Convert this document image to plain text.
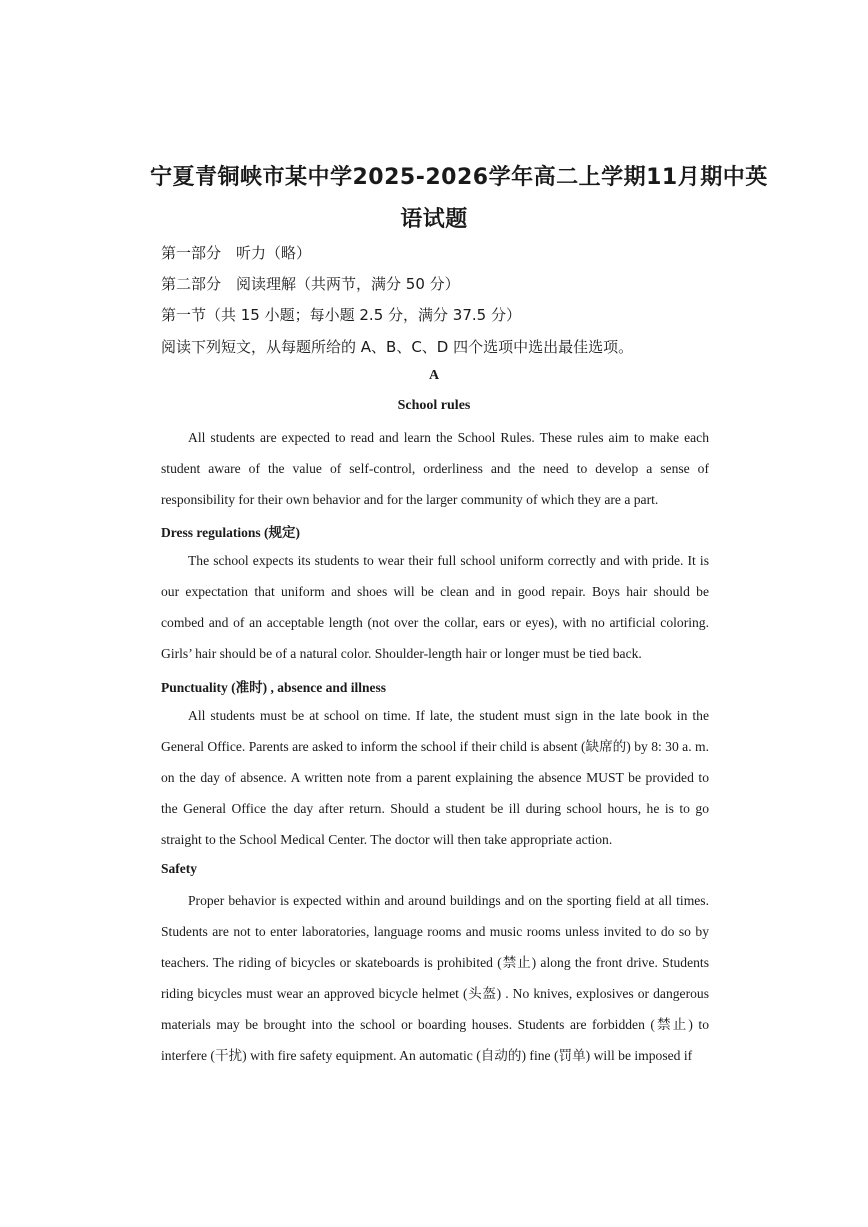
宁夏青铜峡市某中学2025-2026学年高二上学期11月期中英
语试题
第一部分　听力（略）
第二部分　阅读理解（共两节，满分 50 分）
第一节（共 15 小题；每小题 2.5 分，满分 37.5 分）
阅读下列短文，从每题所给的 A、B、C、D 四个选项中选出最佳选项。
A
School rules

All students are expected to read and learn the School Rules. These rules aim to make each student aware of the value of self-control, orderliness and the need to develop a sense of responsibility for their own behavior and for the larger community of which they are a part.

Dress regulations (规定)

The school expects its students to wear their full school uniform correctly and with pride. It is our expectation that uniform and shoes will be clean and in good repair. Boys hair should be combed and of an acceptable length (not over the collar, ears or eyes), with no artificial coloring. Girls’ hair should be of a natural color. Shoulder-length hair or longer must be tied back.

Punctuality (准时) , absence and illness

All students must be at school on time. If late, the student must sign in the late book in the General Office. Parents are asked to inform the school if their child is absent (缺席的) by 8: 30 a. m. on the day of absence. A written note from a parent explaining the absence MUST be provided to the General Office the day after return. Should a student be ill during school hours, he is to go straight to the School Medical Center. The doctor will then take appropriate action.

Safety

Proper behavior is expected within and around buildings and on the sporting field at all times. Students are not to enter laboratories, language rooms and music rooms unless invited to do so by teachers. The riding of bicycles or skateboards is prohibited (禁止) along the front drive. Students riding bicycles must wear an approved bicycle helmet (头盔) . No knives, explosives or dangerous materials may be brought into the school or boarding houses. Students are forbidden (禁止) to interfere (干扰) with fire safety equipment. An automatic (自动的) fine (罚单) will be imposed if
